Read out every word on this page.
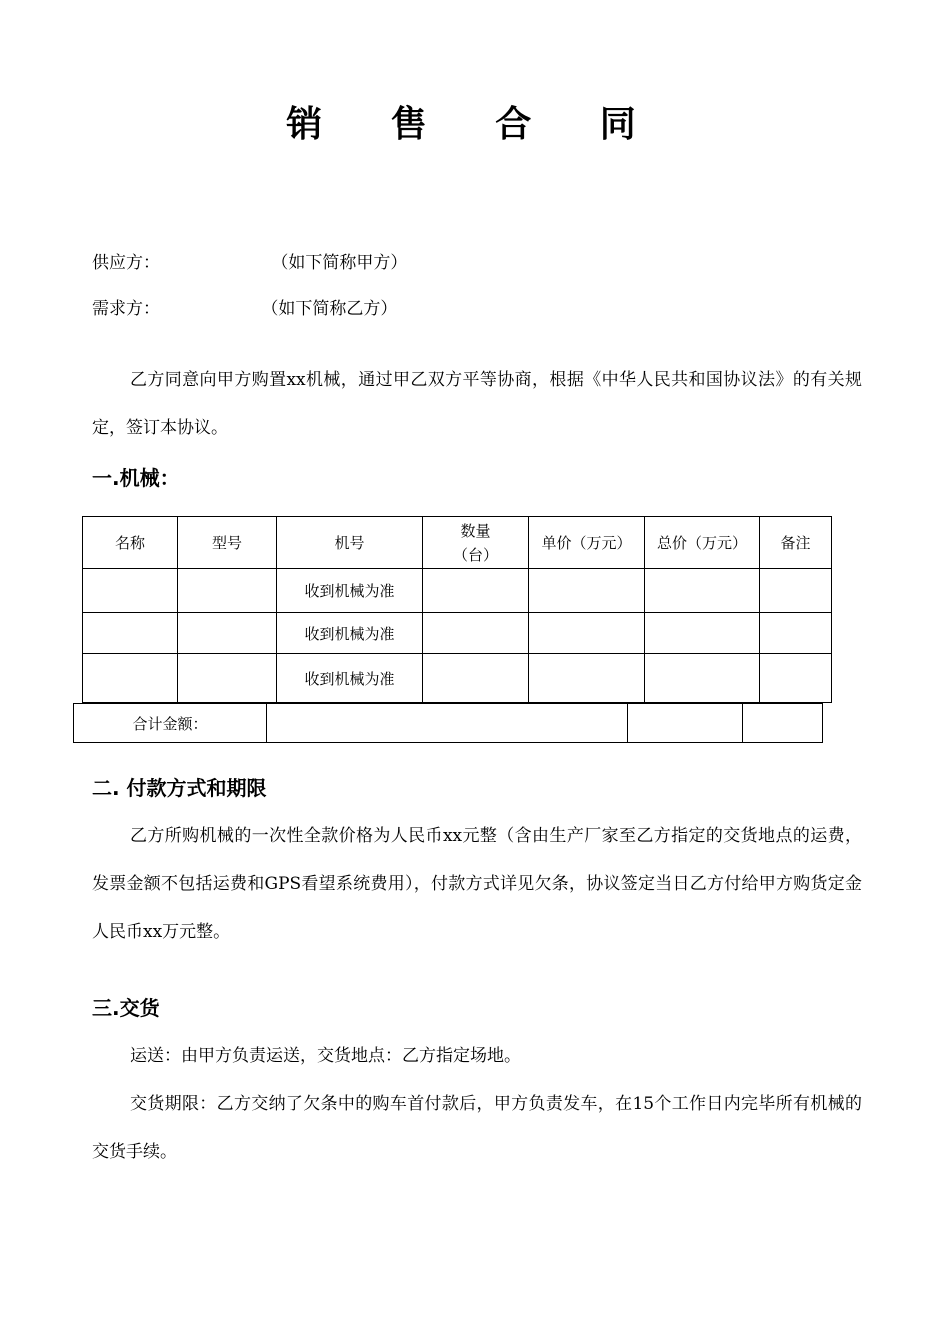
销 售 合 同
供应方：	（如下简称甲方）
需求方：	（如下简称乙方）
乙方同意向甲方购置xx机械，通过甲乙双方平等协商，根据《中华人民共和国协议法》的有关规定，签订本协议。
一.机械：
名称	型号	机号	数量（台）	单价（万元）	总价（万元）	备注
		收到机械为准				
		收到机械为准				
		收到机械为准				
合计金额：			
二. 付款方式和期限
乙方所购机械的一次性全款价格为人民币xx元整（含由生产厂家至乙方指定的交货地点的运费，发票金额不包括运费和GPS看望系统费用），付款方式详见欠条，协议签定当日乙方付给甲方购货定金人民币xx万元整。
三.交货
运送：由甲方负责运送，交货地点：乙方指定场地。
交货期限：乙方交纳了欠条中的购车首付款后，甲方负责发车，在15个工作日内完毕所有机械的交货手续。
